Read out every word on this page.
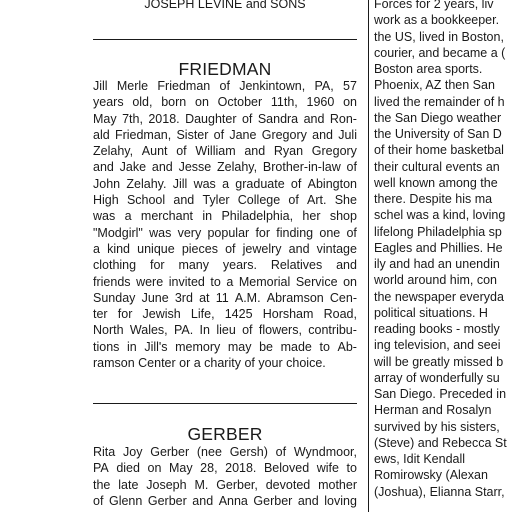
JOSEPH LEVINE and SONS
FRIEDMAN
Jill Merle Friedman of Jenkintown, PA, 57
years old, born on October 11th, 1960 on
May 7th, 2018. Daughter of Sandra and Ron-
ald Friedman, Sister of Jane Gregory and Juli
Zelahy, Aunt of William and Ryan Gregory
and Jake and Jesse Zelahy, Brother-in-law of
John Zelahy. Jill was a graduate of Abington
High School and Tyler College of Art. She
was a merchant in Philadelphia, her shop
"Modgirl" was very popular for finding one of
a kind unique pieces of jewelry and vintage
clothing for many years. Relatives and
friends were invited to a Memorial Service on
Sunday June 3rd at 11 A.M. Abramson Cen-
ter for Jewish Life, 1425 Horsham Road,
North Wales, PA. In lieu of flowers, contribu-
tions in Jill's memory may be made to Ab-
ramson Center or a charity of your choice.
GERBER
Rita Joy Gerber (nee Gersh) of Wyndmoor,
PA died on May 28, 2018. Beloved wife to
the late Joseph M. Gerber, devoted mother
of Glenn Gerber and Anna Gerber and loving
Forces for 2 years, liv
work as a bookkeeper.
the US, lived in Boston,
courier, and became a (
Boston area sports.
Phoenix, AZ then San
lived the remainder of h
the San Diego weather
the University of San D
of their home basketbal
their cultural events an
well known among the
there. Despite his ma
schel was a kind, loving
lifelong Philadelphia sp
Eagles and Phillies. He
ily and had an unendin
world around him, con
the newspaper everyda
political situations. H
reading books - mostly
ing television, and seei
will be greatly missed b
array of wonderfully su
San Diego. Preceded in
Herman and Rosalyn
survived by his sisters,
(Steve) and Rebecca St
ews, Idit Kendall
Romirowsky (Alexan
(Joshua), Elianna Starr,
